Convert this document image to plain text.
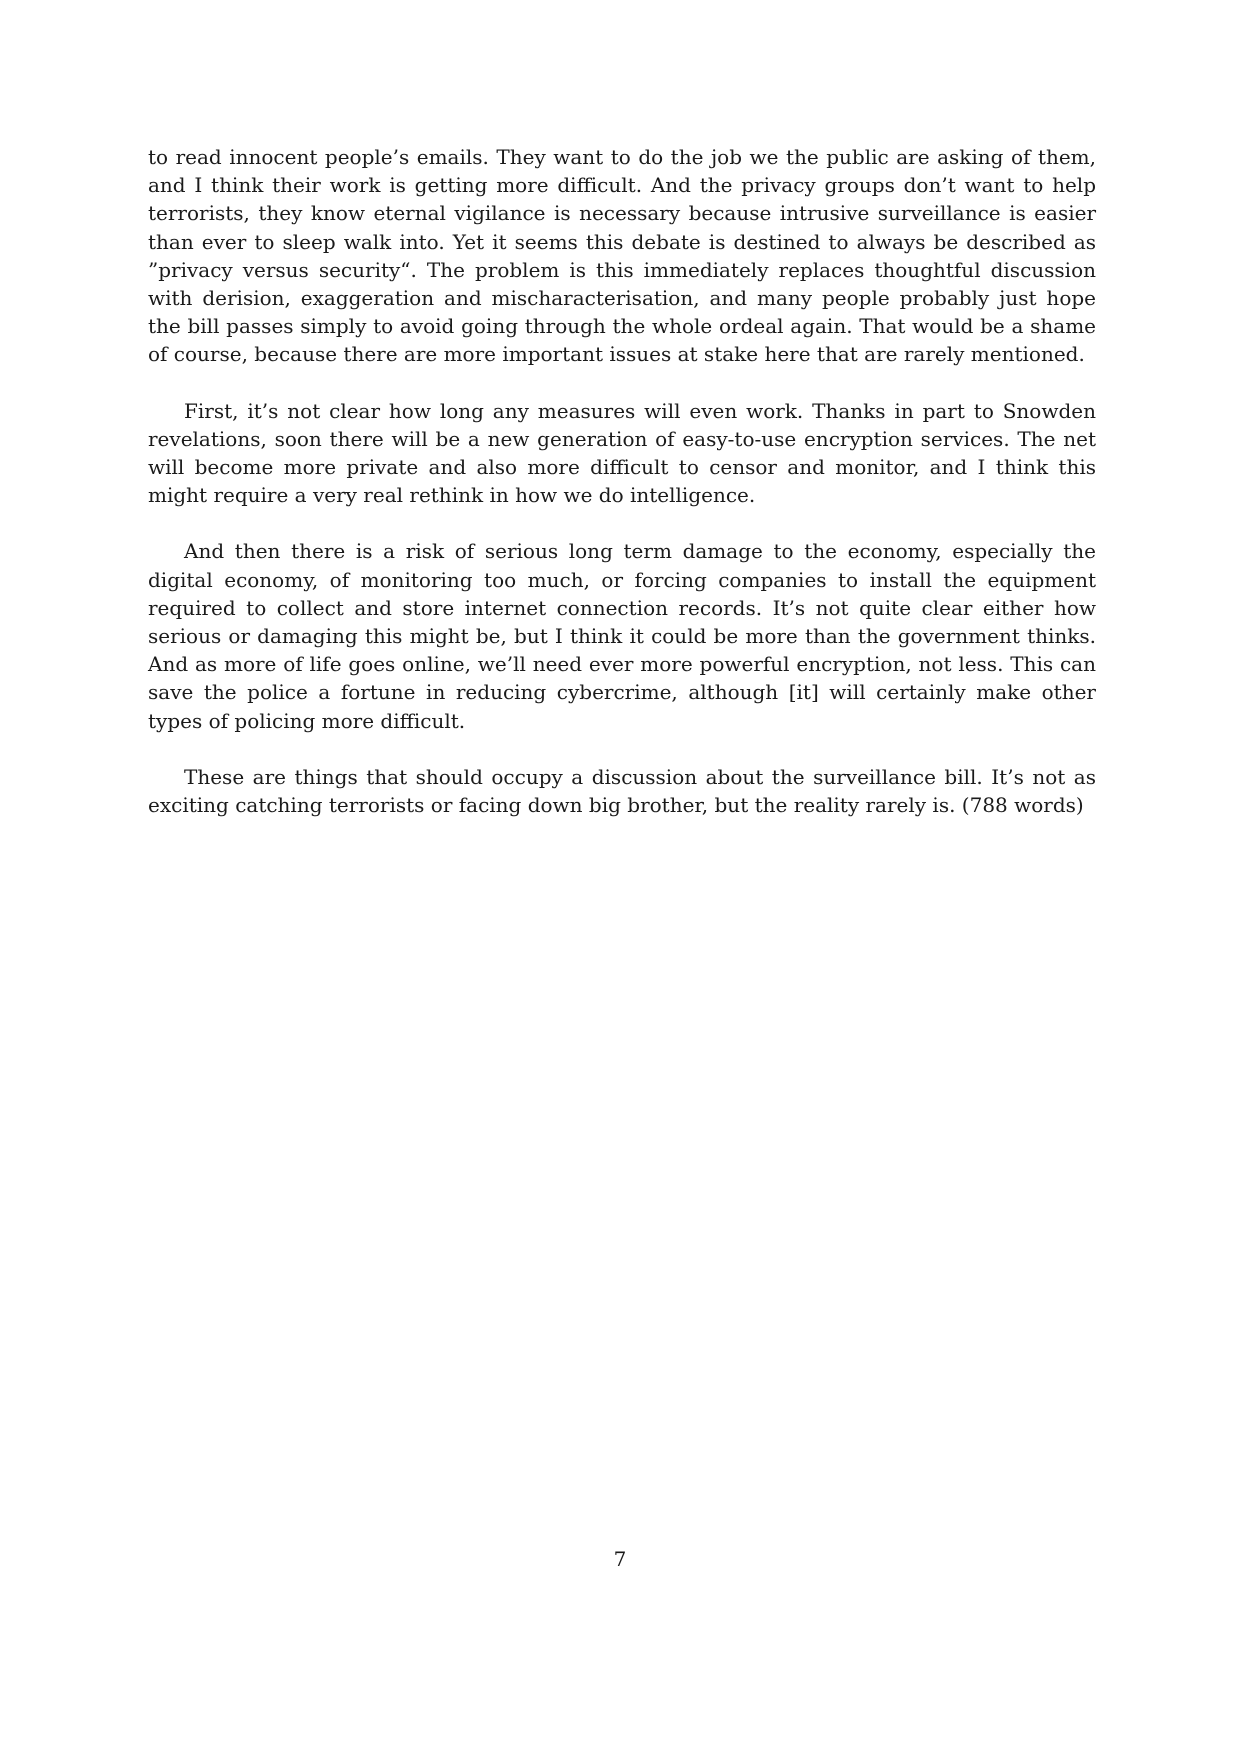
to read innocent people’s emails. They want to do the job we the public are asking of them, and I think their work is getting more difficult. And the privacy groups don’t want to help terrorists, they know eternal vigilance is necessary because intrusive surveillance is easier than ever to sleep walk into. Yet it seems this debate is destined to always be described as ”privacy versus security“. The problem is this immediately replaces thoughtful discussion with derision, exaggeration and mischaracterisation, and many people probably just hope the bill passes simply to avoid going through the whole ordeal again. That would be a shame of course, because there are more important issues at stake here that are rarely mentioned.

First, it’s not clear how long any measures will even work. Thanks in part to Snowden revelations, soon there will be a new generation of easy-to-use encryption services. The net will become more private and also more difficult to censor and monitor, and I think this might require a very real rethink in how we do intelligence.

And then there is a risk of serious long term damage to the economy, especially the digital economy, of monitoring too much, or forcing companies to install the equipment required to collect and store internet connection records. It’s not quite clear either how serious or damaging this might be, but I think it could be more than the government thinks. And as more of life goes online, we’ll need ever more powerful encryption, not less. This can save the police a fortune in reducing cybercrime, although [it] will certainly make other types of policing more difficult.

These are things that should occupy a discussion about the surveillance bill. It’s not as exciting catching terrorists or facing down big brother, but the reality rarely is. (788 words)

7
